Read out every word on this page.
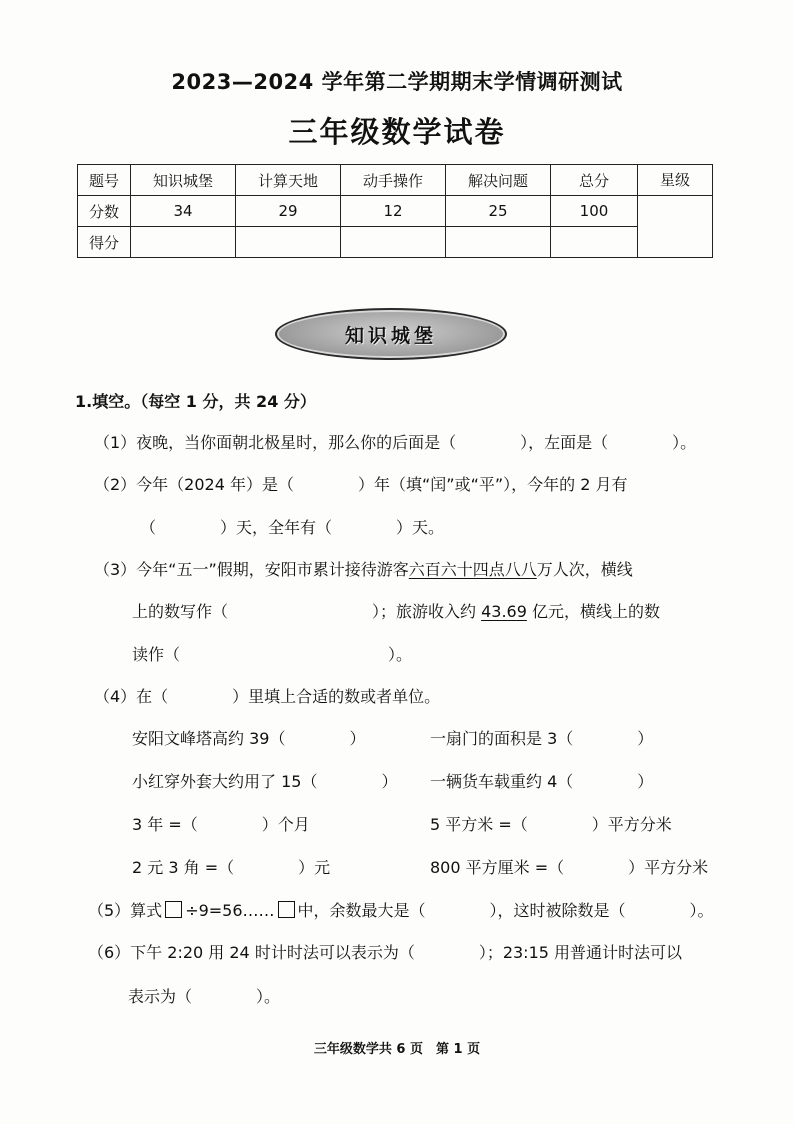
2023—2024 学年第二学期期末学情调研测试
三年级数学试卷
题号	知识城堡	计算天地	动手操作	解决问题	总分	星级

分数	34	29	12	25	100	
得分						
知识城堡
1.填空。（每空 1 分，共 24 分）
（1）夜晚，当你面朝北极星时，那么你的后面是（　　　　），左面是（　　　　）。
（2）今年（2024 年）是（　　　　）年（填“闰”或“平”），今年的 2 月有
（　　　　）天，全年有（　　　　）天。
（3）今年“五一”假期，安阳市累计接待游客六百六十四点八八万人次，横线
上的数写作（　　　　　　　　　）；旅游收入约 43.69 亿元，横线上的数
读作（　　　　　　　　　　　　　）。
（4）在（　　　　）里填上合适的数或者单位。
安阳文峰塔高约 39（　　　　）	一扇门的面积是 3（　　　　）
小红穿外套大约用了 15（　　　　） 一辆货车载重约 4（　　　　）
3 年 =（　　　　）个月	5 平方米 =（　　　　）平方分米
2 元 3 角 =（　　　　）元	800 平方厘米 =（　　　　）平方分米
（5）算式 ÷9=56…… 中，余数最大是（　　　　），这时被除数是（　　　　）。
（6）下午 2:20 用 24 时计时法可以表示为（　　　　）；23:15 用普通计时法可以
表示为（　　　　）。
三年级数学共 6 页　第 1 页
